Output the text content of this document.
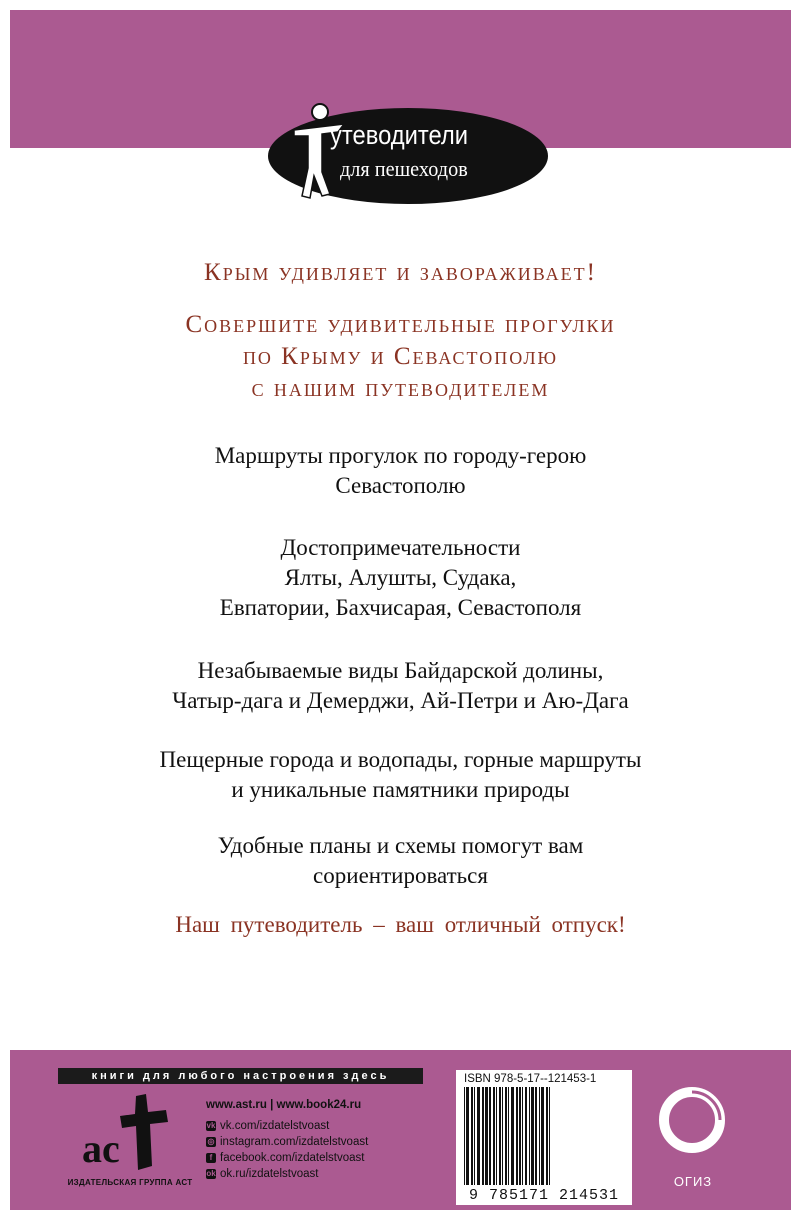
утеводители
для пешеходов
Крым удивляет и завораживает!
Совершите удивительные прогулки
по Крыму и Севастополю
с нашим путеводителем
Маршруты прогулок по городу-герою
Севастополю
Достопримечательности
Ялты, Алушты, Судака,
Евпатории, Бахчисарая, Севастополя
Незабываемые виды Байдарской долины,
Чатыр-дага и Демерджи, Ай-Петри и Аю-Дага
Пещерные города и водопады, горные маршруты
и уникальные памятники природы
Удобные планы и схемы помогут вам
сориентироваться
Наш путеводитель – ваш отличный отпуск!
книги для любого настроения здесь
ас
ИЗДАТЕЛЬСКАЯ ГРУППА АСТ
www.ast.ru | www.book24.ru
vk vk.com/izdatelstvoast
◎ instagram.com/izdatelstvoast
f facebook.com/izdatelstvoast
ok ok.ru/izdatelstvoast
ISBN 978-5-17--121453-1
9 785171 214531
ОГИЗ
